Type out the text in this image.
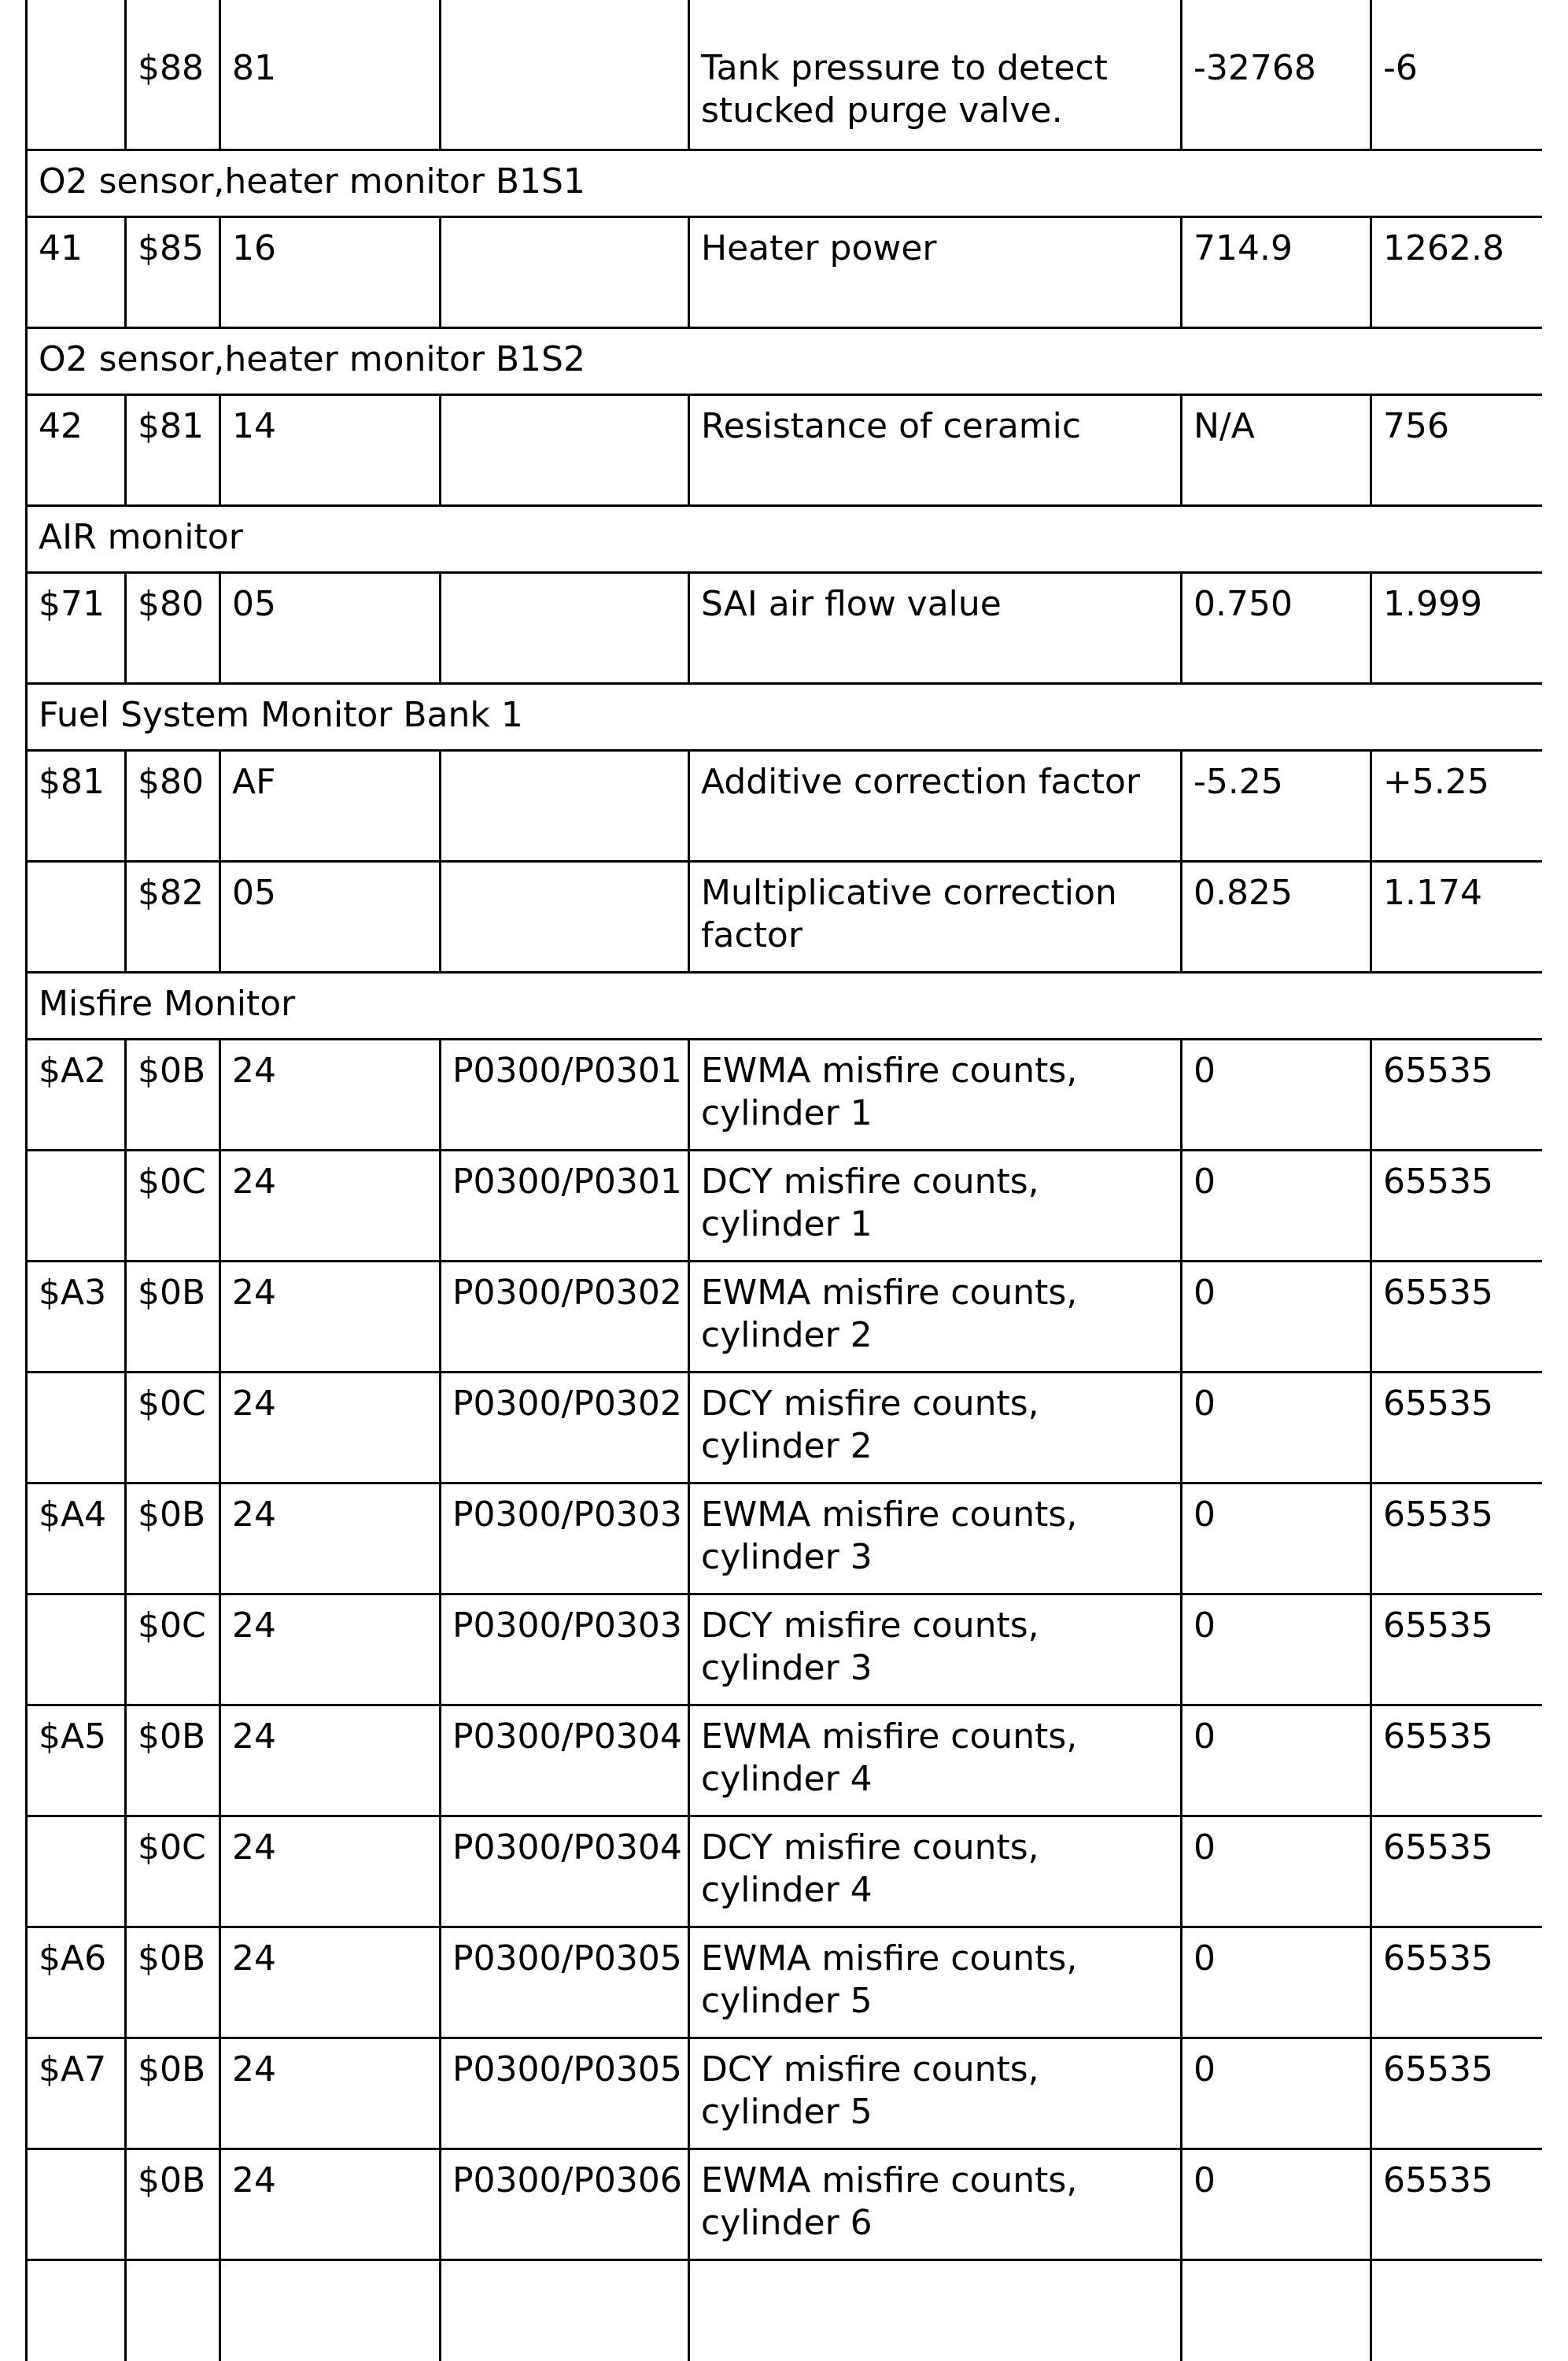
	$88	81		Tank pressure to detect stucked purge valve.	-32768	-6
O2 sensor,heater monitor B1S1						
41	$85	16		Heater power	714.9	1262.8
O2 sensor,heater monitor B1S2						
42	$81	14		Resistance of ceramic	N/A	756
AIR monitor						
$71	$80	05		SAI air flow value	0.750	1.999
Fuel System Monitor Bank 1						
$81	$80	AF		Additive correction factor	-5.25	+5.25
	$82	05		Multiplicative correction factor	0.825	1.174
Misfire Monitor						
$A2	$0B	24	P0300/P0301	EWMA misfire counts, cylinder 1	0	65535
	$0C	24	P0300/P0301	DCY misfire counts, cylinder 1	0	65535
$A3	$0B	24	P0300/P0302	EWMA misfire counts, cylinder 2	0	65535
	$0C	24	P0300/P0302	DCY misfire counts, cylinder 2	0	65535
$A4	$0B	24	P0300/P0303	EWMA misfire counts, cylinder 3	0	65535
	$0C	24	P0300/P0303	DCY misfire counts, cylinder 3	0	65535
$A5	$0B	24	P0300/P0304	EWMA misfire counts, cylinder 4	0	65535
	$0C	24	P0300/P0304	DCY misfire counts, cylinder 4	0	65535
$A6	$0B	24	P0300/P0305	EWMA misfire counts, cylinder 5	0	65535
$A7	$0B	24	P0300/P0305	DCY misfire counts, cylinder 5	0	65535
	$0B	24	P0300/P0306	EWMA misfire counts, cylinder 6	0	65535
